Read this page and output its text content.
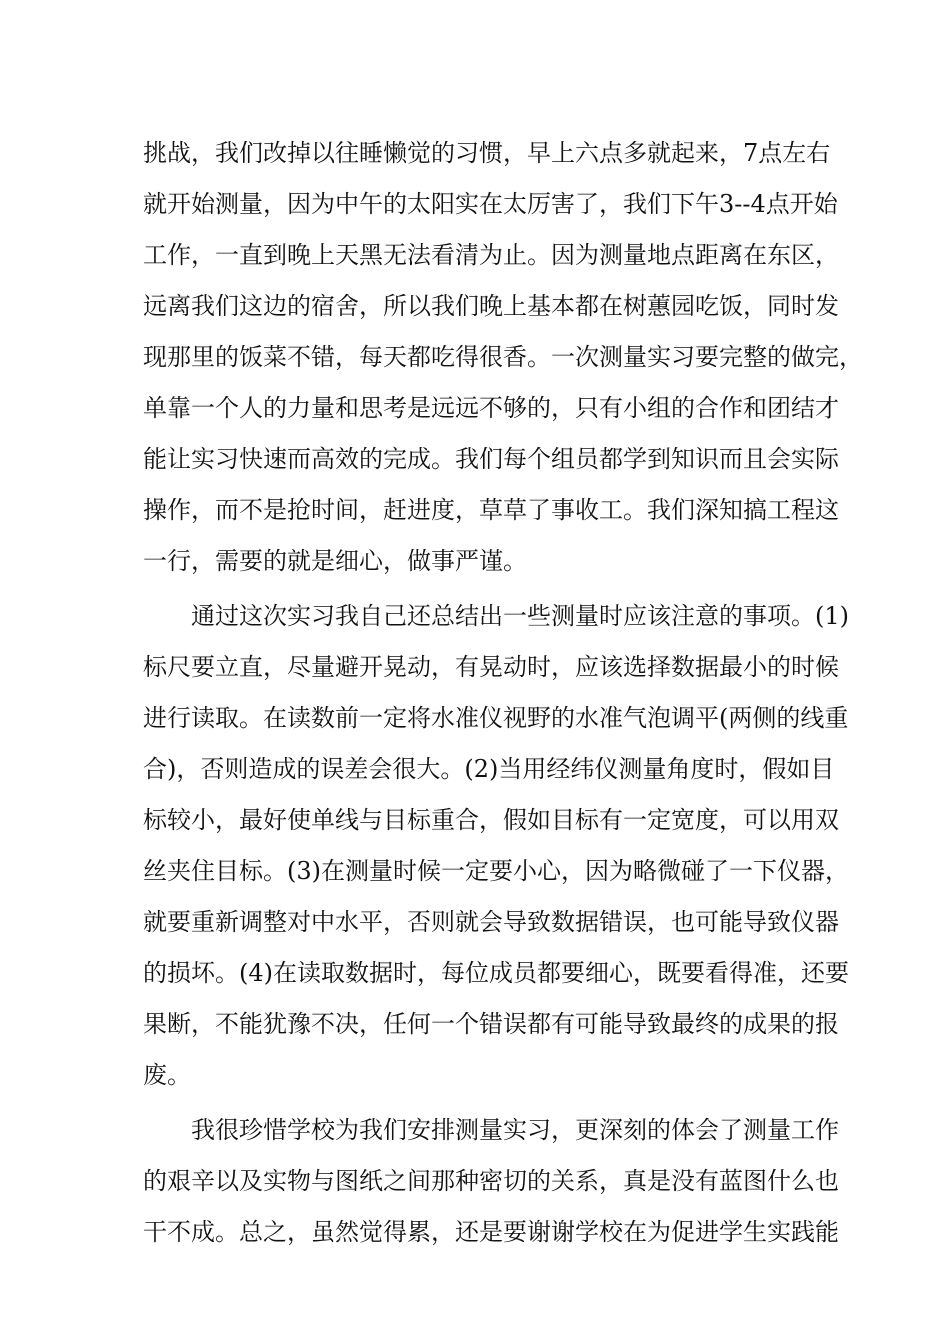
挑战，我们改掉以往睡懒觉的习惯，早上六点多就起来，7点左右
就开始测量，因为中午的太阳实在太厉害了，我们下午3--4点开始
工作，一直到晚上天黑无法看清为止。因为测量地点距离在东区，
远离我们这边的宿舍，所以我们晚上基本都在树蕙园吃饭，同时发
现那里的饭菜不错，每天都吃得很香。一次测量实习要完整的做完，
单靠一个人的力量和思考是远远不够的，只有小组的合作和团结才
能让实习快速而高效的完成。我们每个组员都学到知识而且会实际
操作，而不是抢时间，赶进度，草草了事收工。我们深知搞工程这
一行，需要的就是细心，做事严谨。
通过这次实习我自己还总结出一些测量时应该注意的事项。(1)
标尺要立直，尽量避开晃动，有晃动时，应该选择数据最小的时候
进行读取。在读数前一定将水准仪视野的水准气泡调平(两侧的线重
合)，否则造成的误差会很大。(2)当用经纬仪测量角度时，假如目
标较小，最好使单线与目标重合，假如目标有一定宽度，可以用双
丝夹住目标。(3)在测量时候一定要小心，因为略微碰了一下仪器，
就要重新调整对中水平，否则就会导致数据错误，也可能导致仪器
的损坏。(4)在读取数据时，每位成员都要细心，既要看得准，还要
果断，不能犹豫不决，任何一个错误都有可能导致最终的成果的报
废。
我很珍惜学校为我们安排测量实习，更深刻的体会了测量工作
的艰辛以及实物与图纸之间那种密切的关系，真是没有蓝图什么也
干不成。总之，虽然觉得累，还是要谢谢学校在为促进学生实践能
